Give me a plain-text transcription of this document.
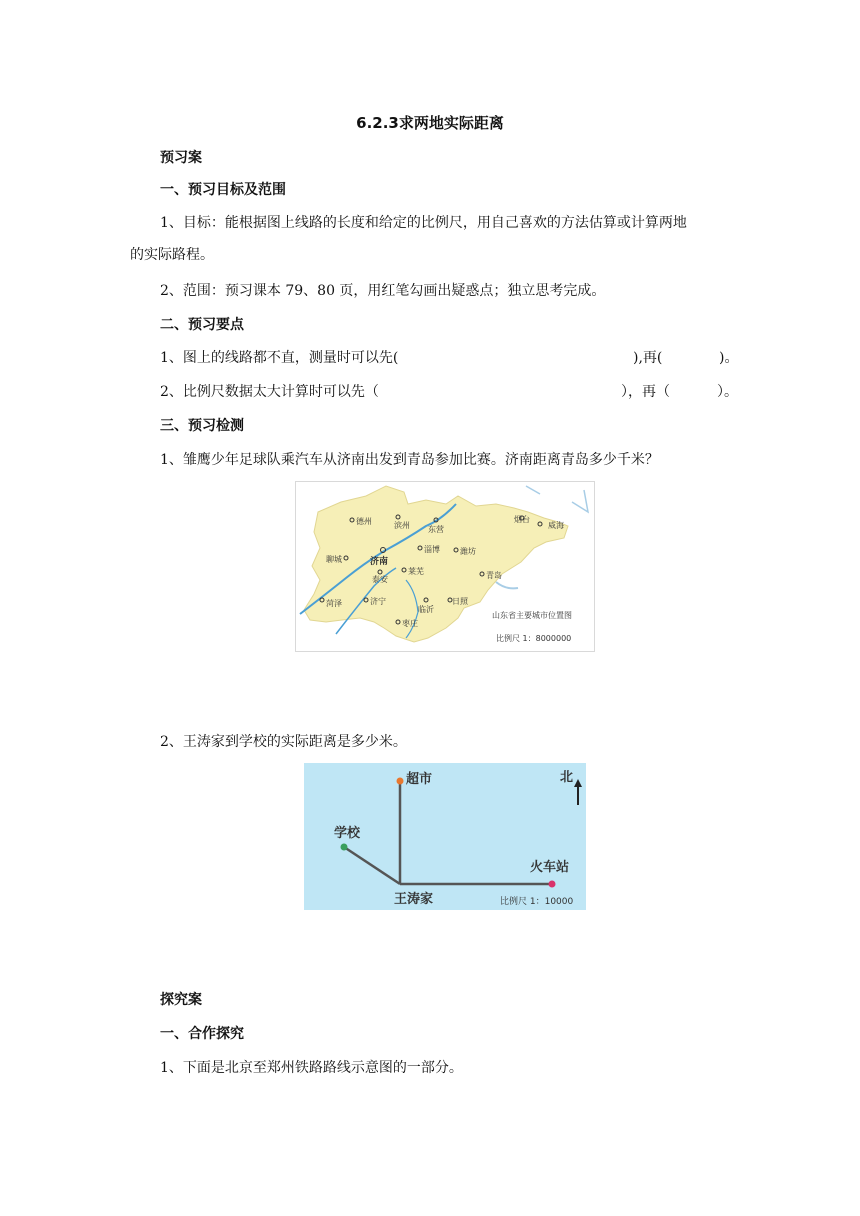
6.2.3求两地实际距离
预习案
一、预习目标及范围
1、目标：能根据图上线路的长度和给定的比例尺，用自己喜欢的方法估算或计算两地
的实际路程。
2、范围：预习课本 79、80 页，用红笔勾画出疑惑点；独立思考完成。
二、预习要点
1、图上的线路都不直，测量时可以先(	),再(	)。
2、比例尺数据太大计算时可以先（	），再（	）。
三、预习检测
1、雏鹰少年足球队乘汽车从济南出发到青岛参加比赛。济南距离青岛多少千米？
德州	滨州 东营
烟台
威海
济南
淄博	潍坊
聊城
泰安
莱芜	青岛
菏泽	济宁
临沂
日照
枣庄
山东省主要城市位置图
比例尺 1：8000000
2、王涛家到学校的实际距离是多少米。
超市
学校
王涛家
火车站
北
比例尺 1：10000
探究案
一、合作探究
1、下面是北京至郑州铁路路线示意图的一部分。
